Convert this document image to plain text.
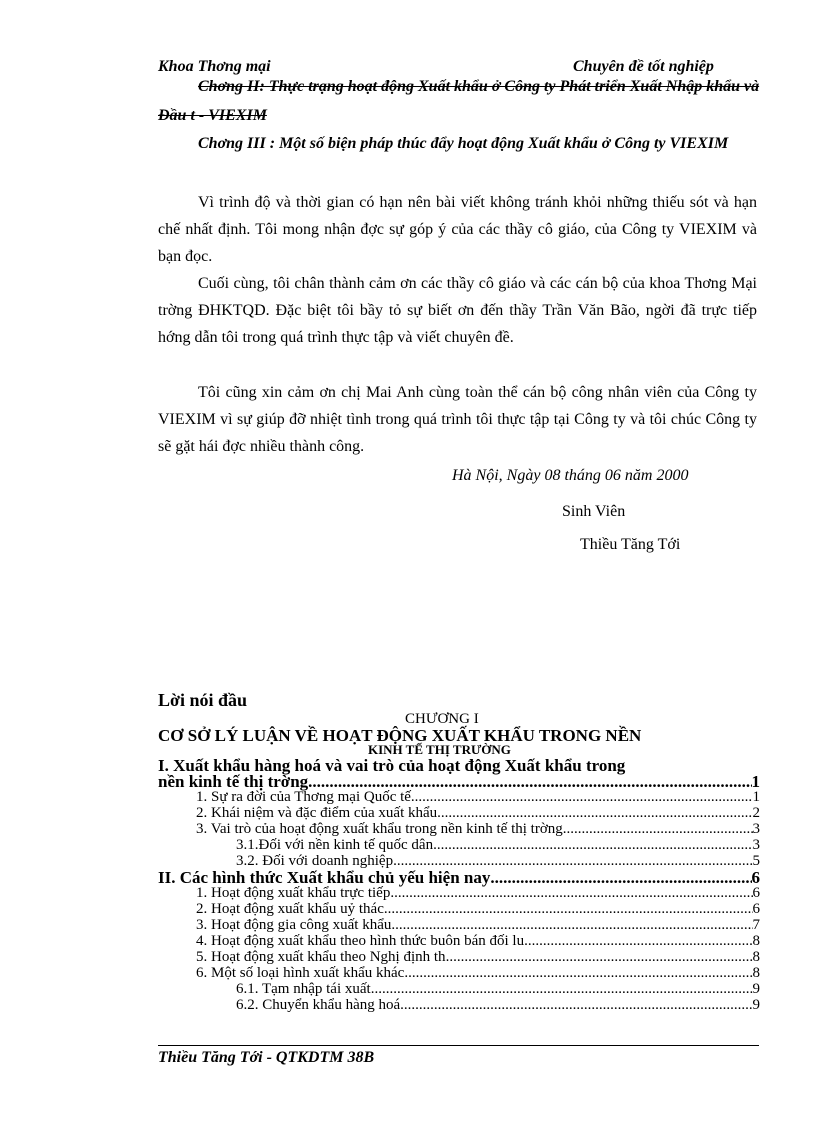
Khoa Thơng mại	Chuyên đề tốt nghiệp
Chơng II: Thực trạng hoạt động Xuất khẩu ở Công ty Phát triển Xuất Nhập khẩu và Đầu t - VIEXIM
Chơng III : Một số biện pháp thúc đẩy hoạt động Xuất khẩu ở Công ty VIEXIM
Vì trình độ và thời gian có hạn nên bài viết không tránh khỏi những thiếu sót và hạn chế nhất định. Tôi mong nhận đợc sự góp ý của các thầy cô giáo, của Công ty VIEXIM và bạn đọc.
Cuối cùng, tôi chân thành cảm ơn các thầy cô giáo và các cán bộ của khoa Thơng Mại trờng ĐHKTQD. Đặc biệt tôi bầy tỏ sự biết ơn đến thầy Trần Văn Bão, ngời đã trực tiếp hớng dẫn tôi trong quá trình thực tập và viết chuyên đề.
Tôi cũng xin cảm ơn chị Mai Anh cùng toàn thể cán bộ công nhân viên của Công ty VIEXIM vì sự giúp đỡ nhiệt tình trong quá trình tôi thực tập tại Công ty và tôi chúc Công ty sẽ gặt hái đợc nhiều thành công.
Hà Nội, Ngày 08 tháng 06 năm 2000
Sinh Viên
Thiều Tăng Tới
Lời nói đầu
CHƯƠNG I
CƠ SỞ LÝ LUẬN VỀ HOẠT ĐỘNG XUẤT KHẨU TRONG NỀN
KINH TẾ THỊ TRƯỜNG
I. Xuất khẩu hàng hoá và vai trò của hoạt động Xuất khẩu trong
nền kinh tế thị trờng. .....	1
1. Sự ra đời của Thơng mại Quốc tế .....	1
2. Khái niệm và đặc điểm của xuất khẩu .....	2
3. Vai trò của hoạt động xuất khẩu trong nền kinh tế thị trờng .....	3
3.1.Đối với nền kinh tế quốc dân. .....	3
3.2. Đối với doanh nghiệp .....	5
II. Các hình thức Xuất khẩu chủ yếu hiện nay .....	6
1. Hoạt động xuất khẩu trực tiếp .....	6
2. Hoạt động xuất khẩu uỷ thác .....	6
3. Hoạt động gia công xuất khẩu .....	7
4. Hoạt động xuất khẩu theo hình thức buôn bán đối lu .....	8
5. Hoạt động xuất khẩu theo Nghị định th .....	8
6. Một số loại hình xuất khẩu khác .....	8
6.1. Tạm nhập tái xuất .....	9
6.2. Chuyển khẩu hàng hoá .....	9
Thiều Tăng Tới - QTKDTM 38B
